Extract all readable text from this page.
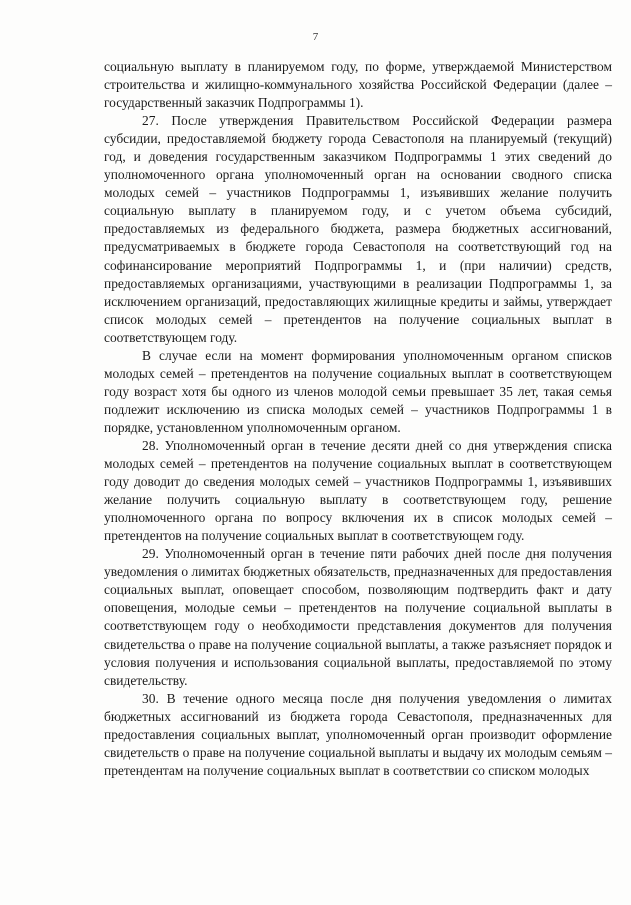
7

социальную выплату в планируемом году, по форме, утверждаемой Министерством строительства и жилищно-коммунального хозяйства Российской Федерации (далее – государственный заказчик Подпрограммы 1).

27. После утверждения Правительством Российской Федерации размера субсидии, предоставляемой бюджету города Севастополя на планируемый (текущий) год, и доведения государственным заказчиком Подпрограммы 1 этих сведений до уполномоченного органа уполномоченный орган на основании сводного списка молодых семей – участников Подпрограммы 1, изъявивших желание получить социальную выплату в планируемом году, и с учетом объема субсидий, предоставляемых из федерального бюджета, размера бюджетных ассигнований, предусматриваемых в бюджете города Севастополя на соответствующий год на софинансирование мероприятий Подпрограммы 1, и (при наличии) средств, предоставляемых организациями, участвующими в реализации Подпрограммы 1, за исключением организаций, предоставляющих жилищные кредиты и займы, утверждает список молодых семей – претендентов на получение социальных выплат в соответствующем году.

В случае если на момент формирования уполномоченным органом списков молодых семей – претендентов на получение социальных выплат в соответствующем году возраст хотя бы одного из членов молодой семьи превышает 35 лет, такая семья подлежит исключению из списка молодых семей – участников Подпрограммы 1 в порядке, установленном уполномоченным органом.

28. Уполномоченный орган в течение десяти дней со дня утверждения списка молодых семей – претендентов на получение социальных выплат в соответствующем году доводит до сведения молодых семей – участников Подпрограммы 1, изъявивших желание получить социальную выплату в соответствующем году, решение уполномоченного органа по вопросу включения их в список молодых семей – претендентов на получение социальных выплат в соответствующем году.

29. Уполномоченный орган в течение пяти рабочих дней после дня получения уведомления о лимитах бюджетных обязательств, предназначенных для предоставления социальных выплат, оповещает способом, позволяющим подтвердить факт и дату оповещения, молодые семьи – претендентов на получение социальной выплаты в соответствующем году о необходимости представления документов для получения свидетельства о праве на получение социальной выплаты, а также разъясняет порядок и условия получения и использования социальной выплаты, предоставляемой по этому свидетельству.

30. В течение одного месяца после дня получения уведомления о лимитах бюджетных ассигнований из бюджета города Севастополя, предназначенных для предоставления социальных выплат, уполномоченный орган производит оформление свидетельств о праве на получение социальной выплаты и выдачу их молодым семьям – претендентам на получение социальных выплат в соответствии со списком молодых
